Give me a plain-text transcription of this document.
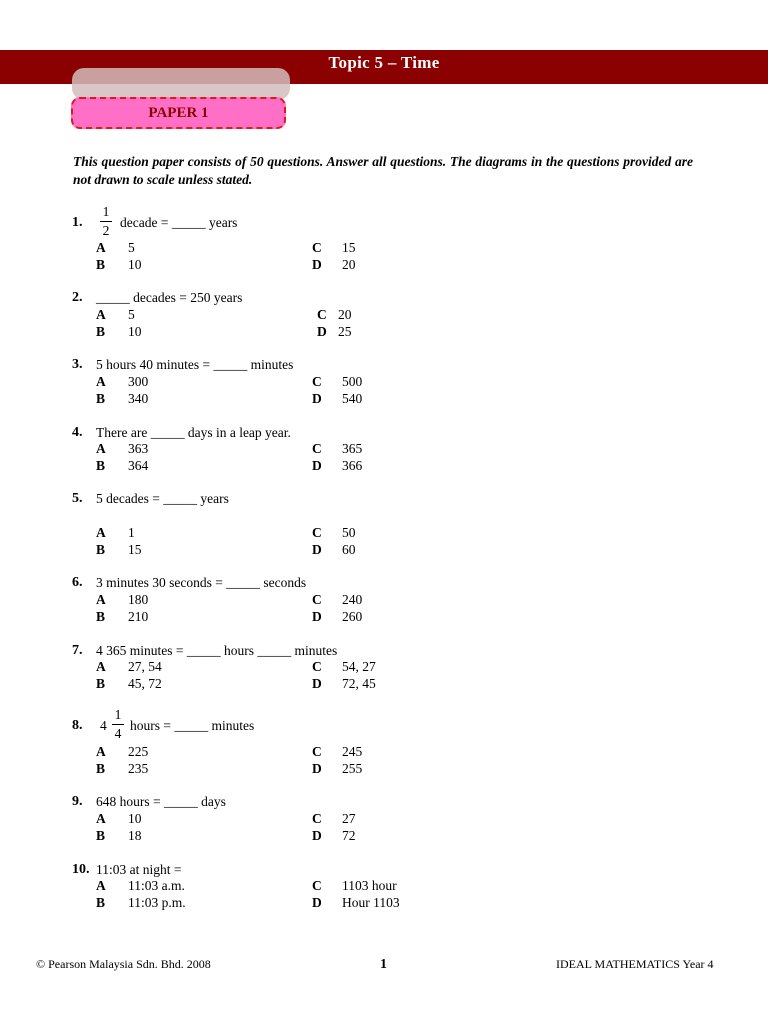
Topic 5 – Time
PAPER 1
This question paper consists of 50 questions. Answer all questions. The diagrams in the questions provided are not drawn to scale unless stated.
1.
1
2
decade = _____ years
A 5
B 10
C 15
D 20
2. _____ decades = 250 years
A 5
B 10
C 20
D 25
3. 5 hours 40 minutes = _____ minutes
A 300
B 340
C 500
D 540
4. There are _____ days in a leap year.
A 363
B 364
C 365
D 366
5. 5 decades = _____ years
A 1
B 15
C 50
D 60
6. 3 minutes 30 seconds = _____ seconds
A 180
B 210
C 240
D 260
7. 4 365 minutes = _____ hours _____ minutes
A 27, 54
B 45, 72
C 54, 27
D 72, 45
8. 4
1
4
hours = _____ minutes
A 225
B 235
C 245
D 255
9. 648 hours = _____ days
A 10
B 18
C 27
D 72
10. 11:03 at night =
A 11:03 a.m.
B 11:03 p.m.
C 1103 hour
D Hour 1103
© Pearson Malaysia Sdn. Bhd. 2008	1	IDEAL MATHEMATICS Year 4
